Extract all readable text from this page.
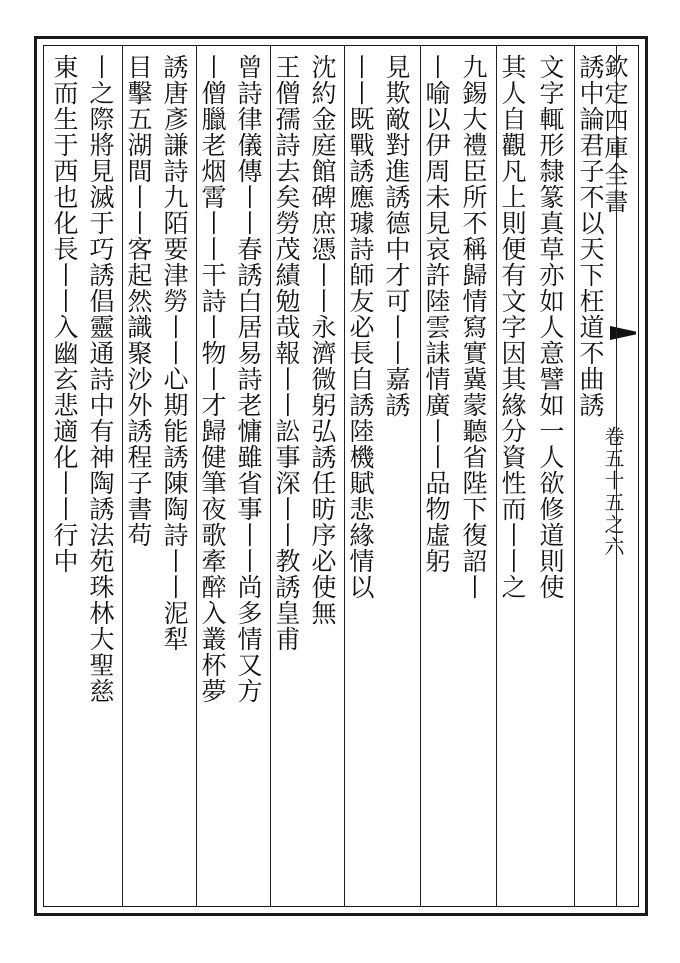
欽定四庫全書
卷五十五之六
誘中論君子不以天下枉道不曲誘
文字輒形隸篆真草亦如人意譬如一人欲修道則使
其人自觀凡上則便有文字因其緣分資性而丨丨之
九錫大禮臣所不稱歸情寫實冀蒙聽省陛下復詔丨
丨喻以伊周未見哀許陸雲誄情廣丨丨品物虛躬
見欺敵對進誘德中才可丨丨嘉誘
丨丨既戰誘應璩詩師友必長自誘陸機賦悲緣情以
沈約金庭館碑庶憑丨丨永濟微躬弘誘任昉序必使無
王僧孺詩去矣勞茂績勉哉報丨丨訟事深丨丨教誘皇甫
曾詩律儀傳丨丨春誘白居易詩老慵雖省事丨丨尚多情又方
丨僧臘老烟霄丨丨干詩丨物丨才歸健筆夜歌牽醉入叢杯夢
誘唐彥謙詩九陌要津勞丨丨心期能誘陳陶詩丨丨泥犁
目擊五湖間丨丨客起然識聚沙外誘程子書苟
丨之際將見滅于巧誘倡靈通詩中有神陶誘法苑珠林大聖慈
東而生于西也化長丨丨入幽玄悲適化丨丨行中
